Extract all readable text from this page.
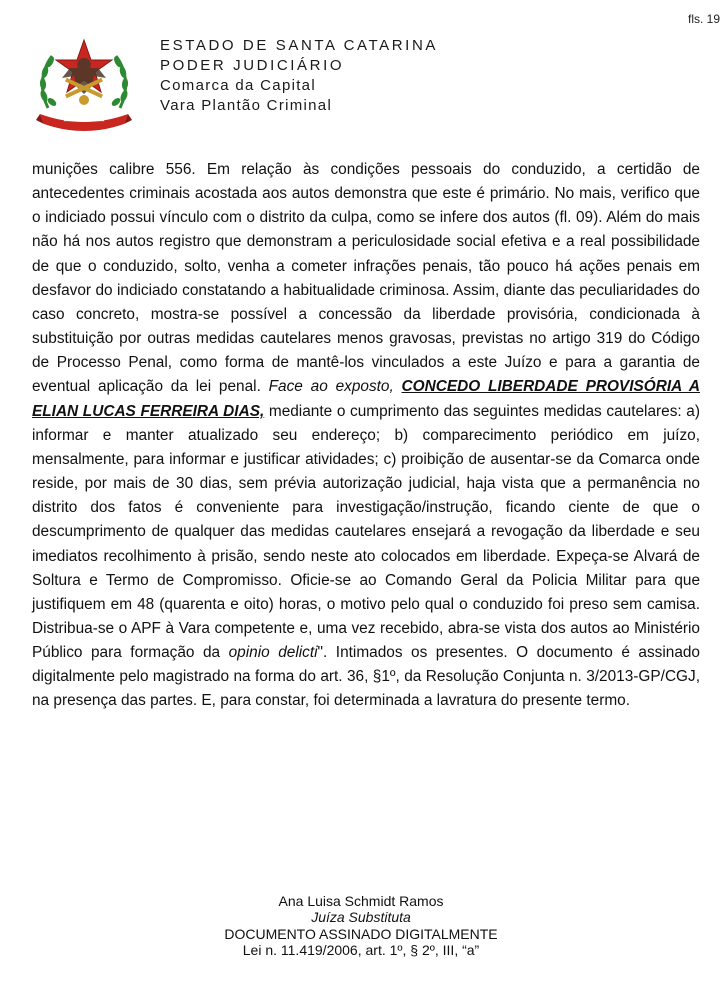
fls. 19
ESTADO DE SANTA CATARINA
PODER JUDICIÁRIO
Comarca da Capital
Vara Plantão Criminal

munições calibre 556. Em relação às condições pessoais do conduzido, a certidão de antecedentes criminais acostada aos autos demonstra que este é primário. No mais, verifico que o indiciado possui vínculo com o distrito da culpa, como se infere dos autos (fl. 09). Além do mais não há nos autos registro que demonstram a periculosidade social efetiva e a real possibilidade de que o conduzido, solto, venha a cometer infrações penais, tão pouco há ações penais em desfavor do indiciado constatando a habitualidade criminosa. Assim, diante das peculiaridades do caso concreto, mostra-se possível a concessão da liberdade provisória, condicionada à substituição por outras medidas cautelares menos gravosas, previstas no artigo 319 do Código de Processo Penal, como forma de mantê-los vinculados a este Juízo e para a garantia de eventual aplicação da lei penal. Face ao exposto, CONCEDO LIBERDADE PROVISÓRIA A ELIAN LUCAS FERREIRA DIAS, mediante o cumprimento das seguintes medidas cautelares: a) informar e manter atualizado seu endereço; b) comparecimento periódico em juízo, mensalmente, para informar e justificar atividades; c) proibição de ausentar-se da Comarca onde reside, por mais de 30 dias, sem prévia autorização judicial, haja vista que a permanência no distrito dos fatos é conveniente para investigação/instrução, ficando ciente de que o descumprimento de qualquer das medidas cautelares ensejará a revogação da liberdade e seu imediatos recolhimento à prisão, sendo neste ato colocados em liberdade. Expeça-se Alvará de Soltura e Termo de Compromisso. Oficie-se ao Comando Geral da Policia Militar para que justifiquem em 48 (quarenta e oito) horas, o motivo pelo qual o conduzido foi preso sem camisa. Distribua-se o APF à Vara competente e, uma vez recebido, abra-se vista dos autos ao Ministério Público para formação da opinio delicti". Intimados os presentes. O documento é assinado digitalmente pelo magistrado na forma do art. 36, §1º, da Resolução Conjunta n. 3/2013-GP/CGJ, na presença das partes. E, para constar, foi determinada a lavratura do presente termo.

Ana Luisa Schmidt Ramos
Juíza Substituta
DOCUMENTO ASSINADO DIGITALMENTE
Lei n. 11.419/2006, art. 1º, § 2º, III, “a”
